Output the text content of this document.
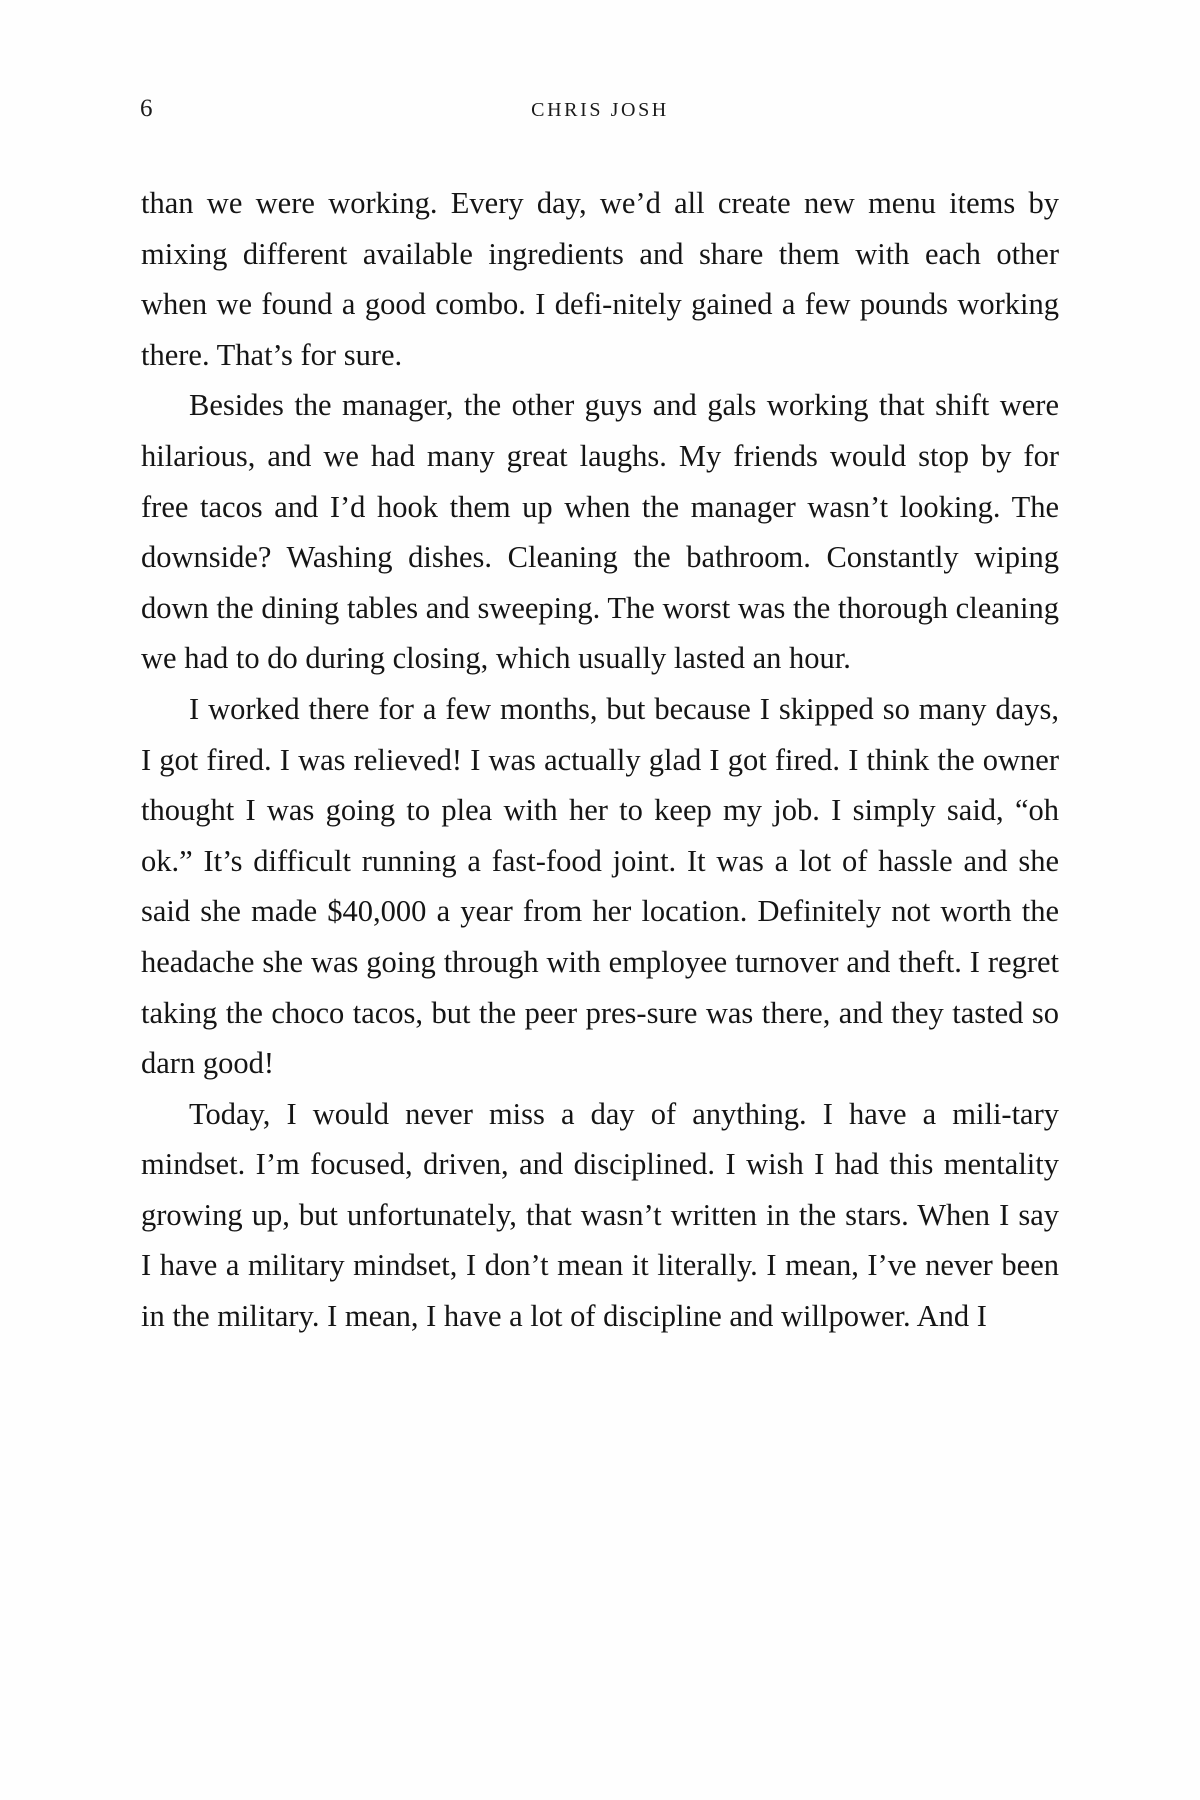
6	CHRIS JOSH

than we were working. Every day, we’d all create new menu items by mixing different available ingredients and share them with each other when we found a good combo. I defi-nitely gained a few pounds working there. That’s for sure.

Besides the manager, the other guys and gals working that shift were hilarious, and we had many great laughs. My friends would stop by for free tacos and I’d hook them up when the manager wasn’t looking. The downside? Washing dishes. Cleaning the bathroom. Constantly wiping down the dining tables and sweeping. The worst was the thorough cleaning we had to do during closing, which usually lasted an hour.

I worked there for a few months, but because I skipped so many days, I got fired. I was relieved! I was actually glad I got fired. I think the owner thought I was going to plea with her to keep my job. I simply said, “oh ok.” It’s difficult running a fast-food joint. It was a lot of hassle and she said she made $40,000 a year from her location. Definitely not worth the headache she was going through with employee turnover and theft. I regret taking the choco tacos, but the peer pres-sure was there, and they tasted so darn good!

Today, I would never miss a day of anything. I have a mili-tary mindset. I’m focused, driven, and disciplined. I wish I had this mentality growing up, but unfortunately, that wasn’t written in the stars. When I say I have a military mindset, I don’t mean it literally. I mean, I’ve never been in the military. I mean, I have a lot of discipline and willpower. And I
